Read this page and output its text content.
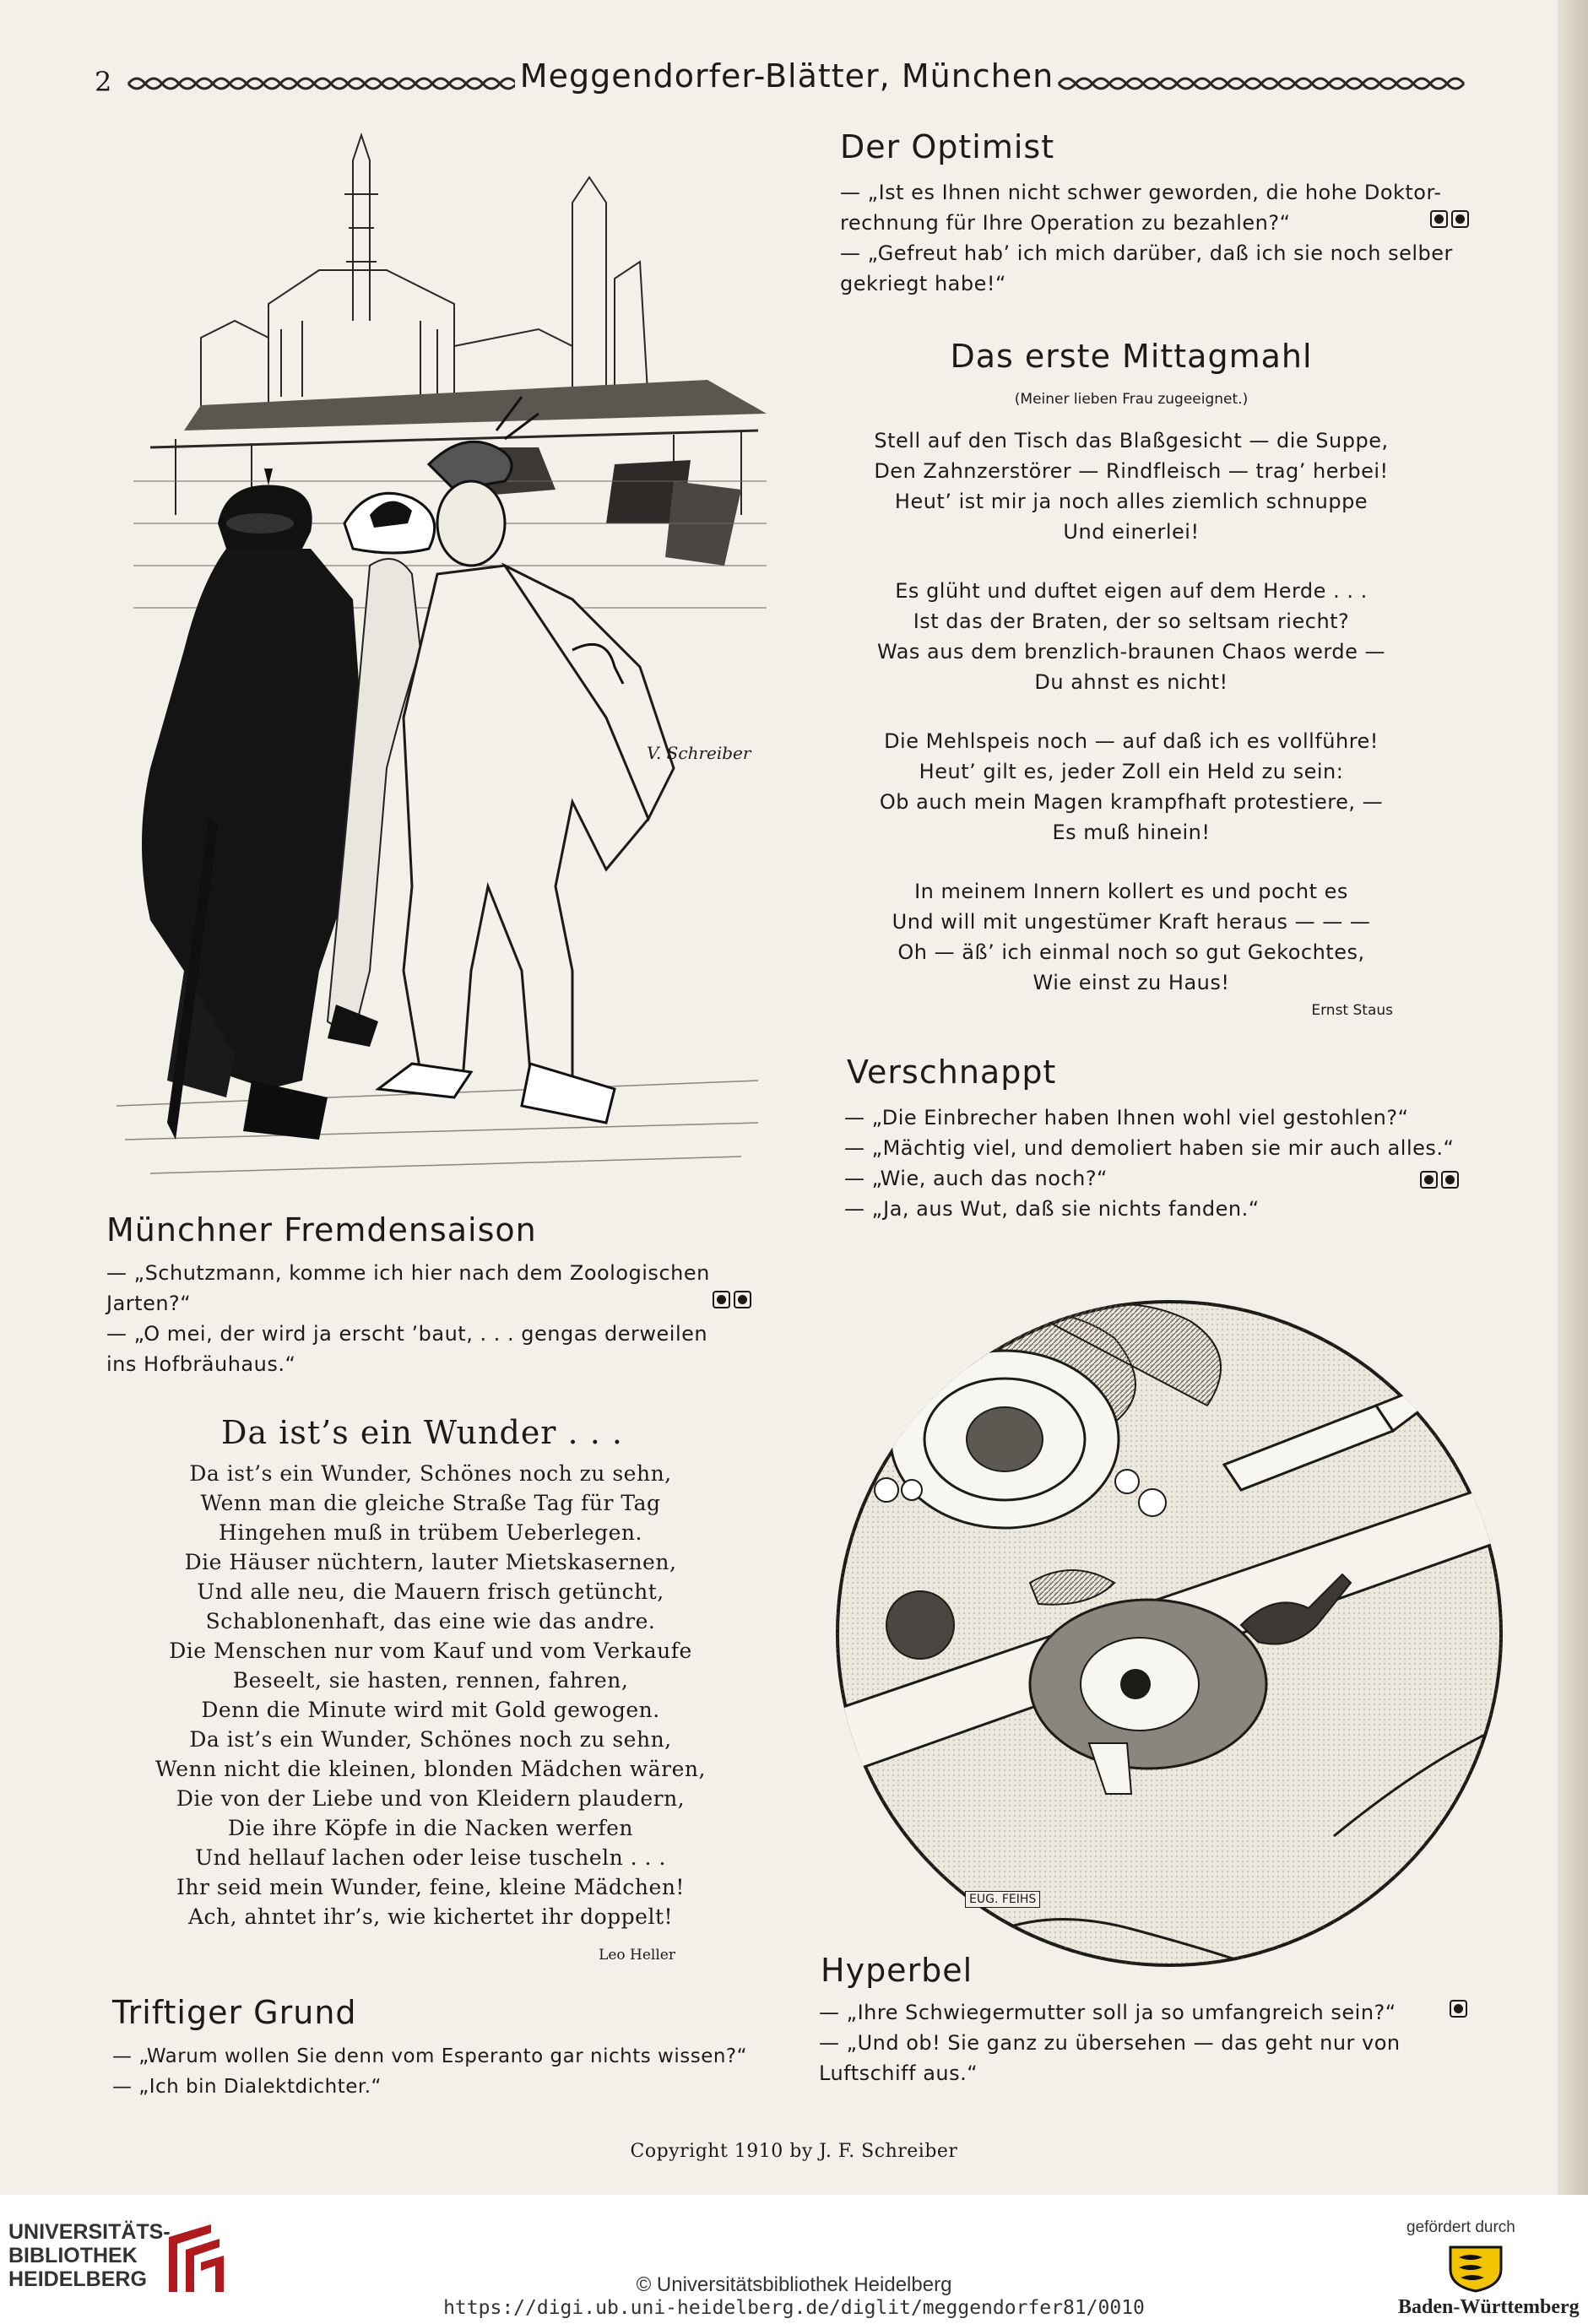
2	Meggendorfer-Blätter, München
V. Schreiber
Der Optimist
— „Ist es Ihnen nicht schwer geworden, die hohe Doktor-
rechnung für Ihre Operation zu bezahlen?“
— „Gefreut hab’ ich mich darüber, daß ich sie noch selber
gekriegt habe!“
Das erste Mittagmahl
(Meiner lieben Frau zugeeignet.)
Stell auf den Tisch das Blaßgesicht — die Suppe,
Den Zahnzerstörer — Rindfleisch — trag’ herbei!
Heut’ ist mir ja noch alles ziemlich schnuppe
Und einerlei!
Es glüht und duftet eigen auf dem Herde . . .
Ist das der Braten, der so seltsam riecht?
Was aus dem brenzlich-braunen Chaos werde —
Du ahnst es nicht!
Die Mehlspeis noch — auf daß ich es vollführe!
Heut’ gilt es, jeder Zoll ein Held zu sein:
Ob auch mein Magen krampfhaft protestiere, —
Es muß hinein!
In meinem Innern kollert es und pocht es
Und will mit ungestümer Kraft heraus — — —
Oh — äß’ ich einmal noch so gut Gekochtes,
Wie einst zu Haus!
Ernst Staus
Verschnappt
— „Die Einbrecher haben Ihnen wohl viel gestohlen?“
— „Mächtig viel, und demoliert haben sie mir auch alles.“
— „Wie, auch das noch?“
— „Ja, aus Wut, daß sie nichts fanden.“
Münchner Fremdensaison
— „Schutzmann, komme ich hier nach dem Zoologischen
Jarten?“
— „O mei, der wird ja erscht ’baut, . . . gengas derweilen
ins Hofbräuhaus.“
Da ist’s ein Wunder . . .
Da ist’s ein Wunder, Schönes noch zu sehn,
Wenn man die gleiche Straße Tag für Tag
Hingehen muß in trübem Ueberlegen.
Die Häuser nüchtern, lauter Mietskasernen,
Und alle neu, die Mauern frisch getüncht,
Schablonenhaft, das eine wie das andre.
Die Menschen nur vom Kauf und vom Verkaufe
Beseelt, sie hasten, rennen, fahren,
Denn die Minute wird mit Gold gewogen.
Da ist’s ein Wunder, Schönes noch zu sehn,
Wenn nicht die kleinen, blonden Mädchen wären,
Die von der Liebe und von Kleidern plaudern,
Die ihre Köpfe in die Nacken werfen
Und hellauf lachen oder leise tuscheln . . .
Ihr seid mein Wunder, feine, kleine Mädchen!
Ach, ahntet ihr’s, wie kichertet ihr doppelt!
Leo Heller
EUG. FEIHS
Triftiger Grund
— „Warum wollen Sie denn vom Esperanto gar nichts wissen?“
— „Ich bin Dialektdichter.“
Hyperbel
— „Ihre Schwiegermutter soll ja so umfangreich sein?“
— „Und ob! Sie ganz zu übersehen — das geht nur von
Luftschiff aus.“
Copyright 1910 by J. F. Schreiber
UNIVERSITÄTS-
BIBLIOTHEK
HEIDELBERG	© Universitätsbibliothek Heidelberg
https://digi.ub.uni-heidelberg.de/diglit/meggendorfer81/0010
gefördert durch
Baden-Württemberg
